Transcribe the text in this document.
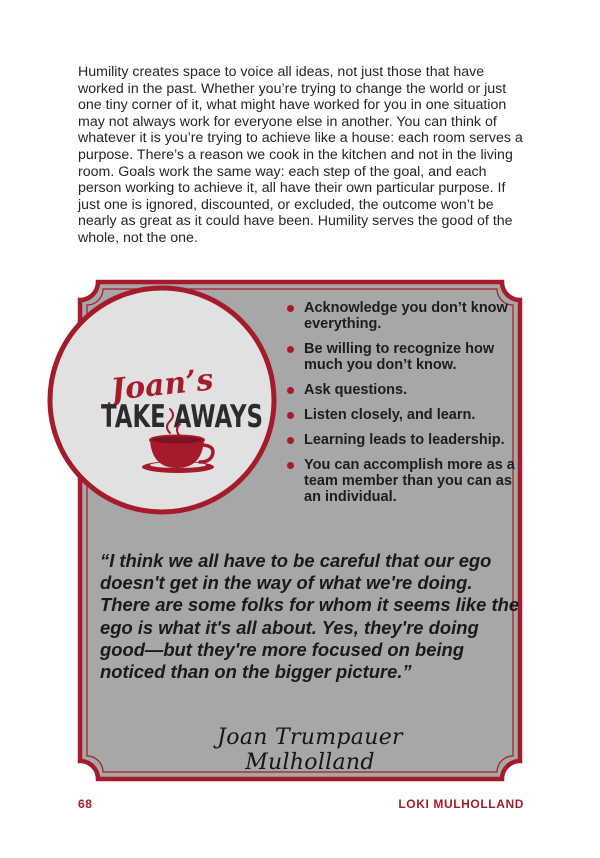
Humility creates space to voice all ideas, not just those that have worked in the past. Whether you’re trying to change the world or just one tiny corner of it, what might have worked for you in one situation may not always work for everyone else in another. You can think of whatever it is you’re trying to achieve like a house: each room serves a purpose. There’s a reason we cook in the kitchen and not in the living room. Goals work the same way: each step of the goal, and each person working to achieve it, all have their own particular purpose. If just one is ignored, discounted, or excluded, the outcome won’t be nearly as great as it could have been. Humility serves the good of the whole, not the one.

Joan’s
TAKE AWAYS
Acknowledge you don’t know everything.
Be willing to recognize how much you don’t know.
Ask questions.
Listen closely, and learn.
Learning leads to leadership.
You can accomplish more as a team member than you can as an individual.

“I think we all have to be careful that our ego doesn't get in the way of what we're doing. There are some folks for whom it seems like the ego is what it's all about. Yes, they're doing good—but they're more focused on being noticed than on the bigger picture.”

Joan Trumpauer Mulholland
68	LOKI MULHOLLAND
